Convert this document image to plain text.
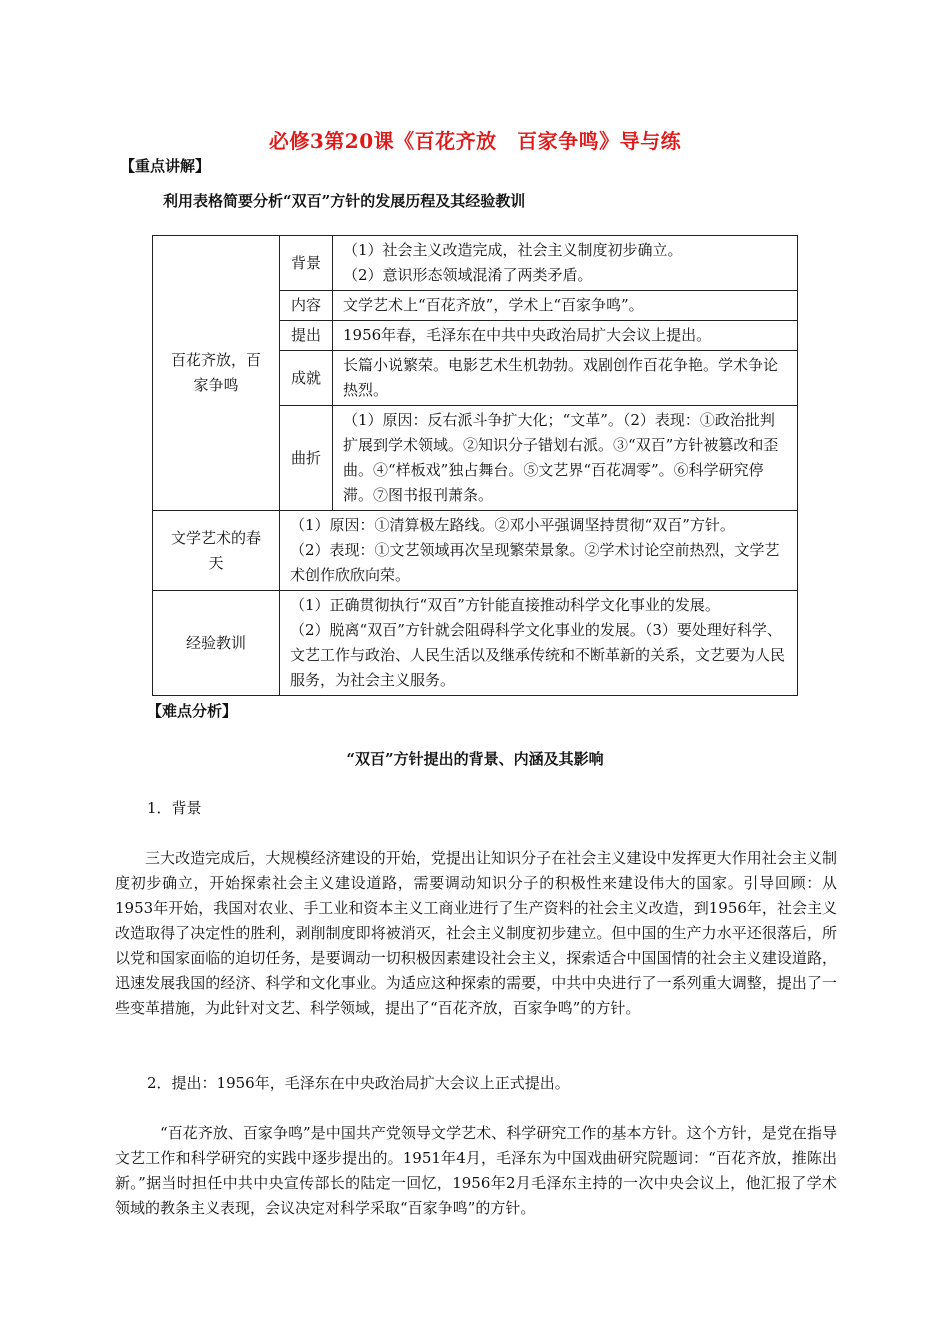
必修3第20课《百花齐放　百家争鸣》导与练
【重点讲解】
利用表格简要分析“双百”方针的发展历程及其经验教训
百花齐放，百家争鸣	背景	（1）社会主义改造完成，社会主义制度初步确立。
（2）意识形态领域混淆了两类矛盾。
	内容	文学艺术上“百花齐放”，学术上“百家争鸣”。
	提出	1956年春，毛泽东在中共中央政治局扩大会议上提出。
	成就	长篇小说繁荣。电影艺术生机勃勃。戏剧创作百花争艳。学术争论热烈。
	曲折	（1）原因：反右派斗争扩大化；“文革”。（2）表现：①政治批判扩展到学术领域。②知识分子错划右派。③“双百”方针被篡改和歪曲。④“样板戏”独占舞台。⑤文艺界“百花凋零”。⑥科学研究停滞。⑦图书报刊萧条。
文学艺术的春天	（1）原因：①清算极左路线。②邓小平强调坚持贯彻“双百”方针。
（2）表现：①文艺领域再次呈现繁荣景象。②学术讨论空前热烈，文学艺术创作欣欣向荣。	
经验教训	（1）正确贯彻执行“双百”方针能直接推动科学文化事业的发展。
（2）脱离“双百”方针就会阻碍科学文化事业的发展。（3）要处理好科学、文艺工作与政治、人民生活以及继承传统和不断革新的关系，文艺要为人民服务，为社会主义服务。	
【难点分析】
“双百”方针提出的背景、内涵及其影响
1．背景
三大改造完成后，大规模经济建设的开始，党提出让知识分子在社会主义建设中发挥更大作用社会主义制度初步确立，开始探索社会主义建设道路，需要调动知识分子的积极性来建设伟大的国家。引导回顾：从1953年开始，我国对农业、手工业和资本主义工商业进行了生产资料的社会主义改造，到1956年，社会主义改造取得了决定性的胜利，剥削制度即将被消灭，社会主义制度初步建立。但中国的生产力水平还很落后，所以党和国家面临的迫切任务，是要调动一切积极因素建设社会主义，探索适合中国国情的社会主义建设道路，迅速发展我国的经济、科学和文化事业。为适应这种探索的需要，中共中央进行了一系列重大调整，提出了一些变革措施，为此针对文艺、科学领域，提出了“百花齐放，百家争鸣”的方针。
2．提出：1956年，毛泽东在中央政治局扩大会议上正式提出。
“百花齐放、百家争鸣”是中国共产党领导文学艺术、科学研究工作的基本方针。这个方针，是党在指导文艺工作和科学研究的实践中逐步提出的。1951年4月，毛泽东为中国戏曲研究院题词：“百花齐放，推陈出新。”据当时担任中共中央宣传部长的陆定一回忆，1956年2月毛泽东主持的一次中央会议上，他汇报了学术领域的教条主义表现，会议决定对科学采取“百家争鸣”的方针。
